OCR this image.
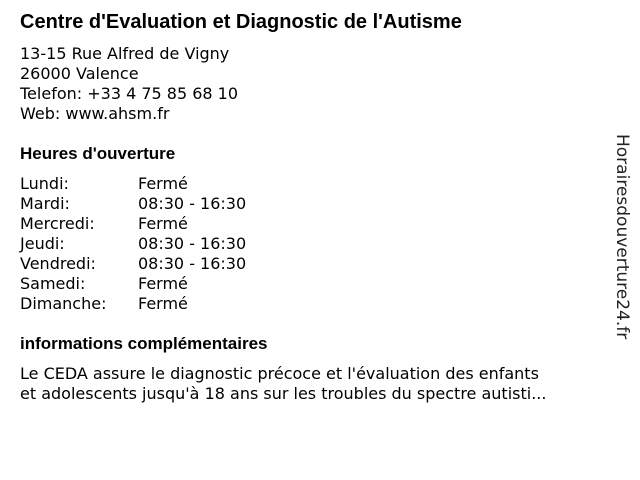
Centre d'Evaluation et Diagnostic de l'Autisme
13-15 Rue Alfred de Vigny
26000 Valence
Telefon: +33 4 75 85 68 10
Web: www.ahsm.fr
Heures d'ouverture
Lundi:	Fermé
Mardi:	08:30 - 16:30
Mercredi:	Fermé
Jeudi:	08:30 - 16:30
Vendredi:	08:30 - 16:30
Samedi:	Fermé
Dimanche:	Fermé
informations complémentaires
Le CEDA assure le diagnostic précoce et l'évaluation des enfants
et adolescents jusqu'à 18 ans sur les troubles du spectre autisti...
Horairesdouverture24.fr
